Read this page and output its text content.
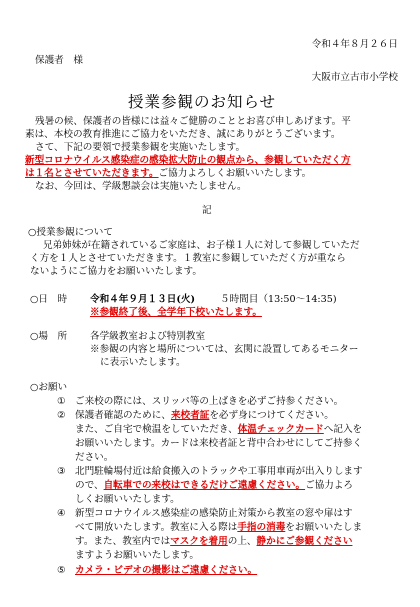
令和４年８月２６日
保護者　様
大阪市立古市小学校
授業参観のお知らせ
残暑の候、保護者の皆様には益々ご健勝のこととお喜び申しあげます。平
素は、本校の教育推進にご協力をいただき、誠にありがとうございます。
さて、下記の要領で授業参観を実施いたします。
新型コロナウイルス感染症の感染拡大防止の観点から、参観していただく方
は１名とさせていただきます。ご協力よろしくお願いいたします。
なお、今回は、学級懇談会は実施いたしません。
記
○授業参観について
兄弟姉妹が在籍されているご家庭は、お子様１人に対して参観していただ
く方を１人とさせていただきます。１教室に参観していただく方が重なら
ないようにご協力をお願いいたします。
○日　時 令和４年９月１３日(火)	５時間目（13:50～14:35)
※参観終了後、全学年下校いたします。
○場　所 各学級教室および特別教室
※参観の内容と場所については、玄関に設置してあるモニター
に表示いたします。
○お願い
① ご来校の際には、スリッパ等の上ばきを必ずご持参ください。
② 保護者確認のために、来校者証を必ず身につけてください。
また、ご自宅で検温をしていただき、体温チェックカードへ記入を
お願いいたします。カードは来校者証と背中合わせにしてご持参く
ださい。
③ 北門駐輪場付近は給食搬入のトラックや工事用車両が出入りします
ので、自転車での来校はできるだけご遠慮ください。ご協力よろ
しくお願いいたします。
④ 新型コロナウイルス感染症の感染防止対策から教室の窓や扉はす
べて開放いたします。教室に入る際は手指の消毒をお願いいたしま
す。また、教室内ではマスクを着用の上、静かにご参観ください
ますようお願いいたします。
⑤ カメラ・ビデオの撮影はご遠慮ください。
